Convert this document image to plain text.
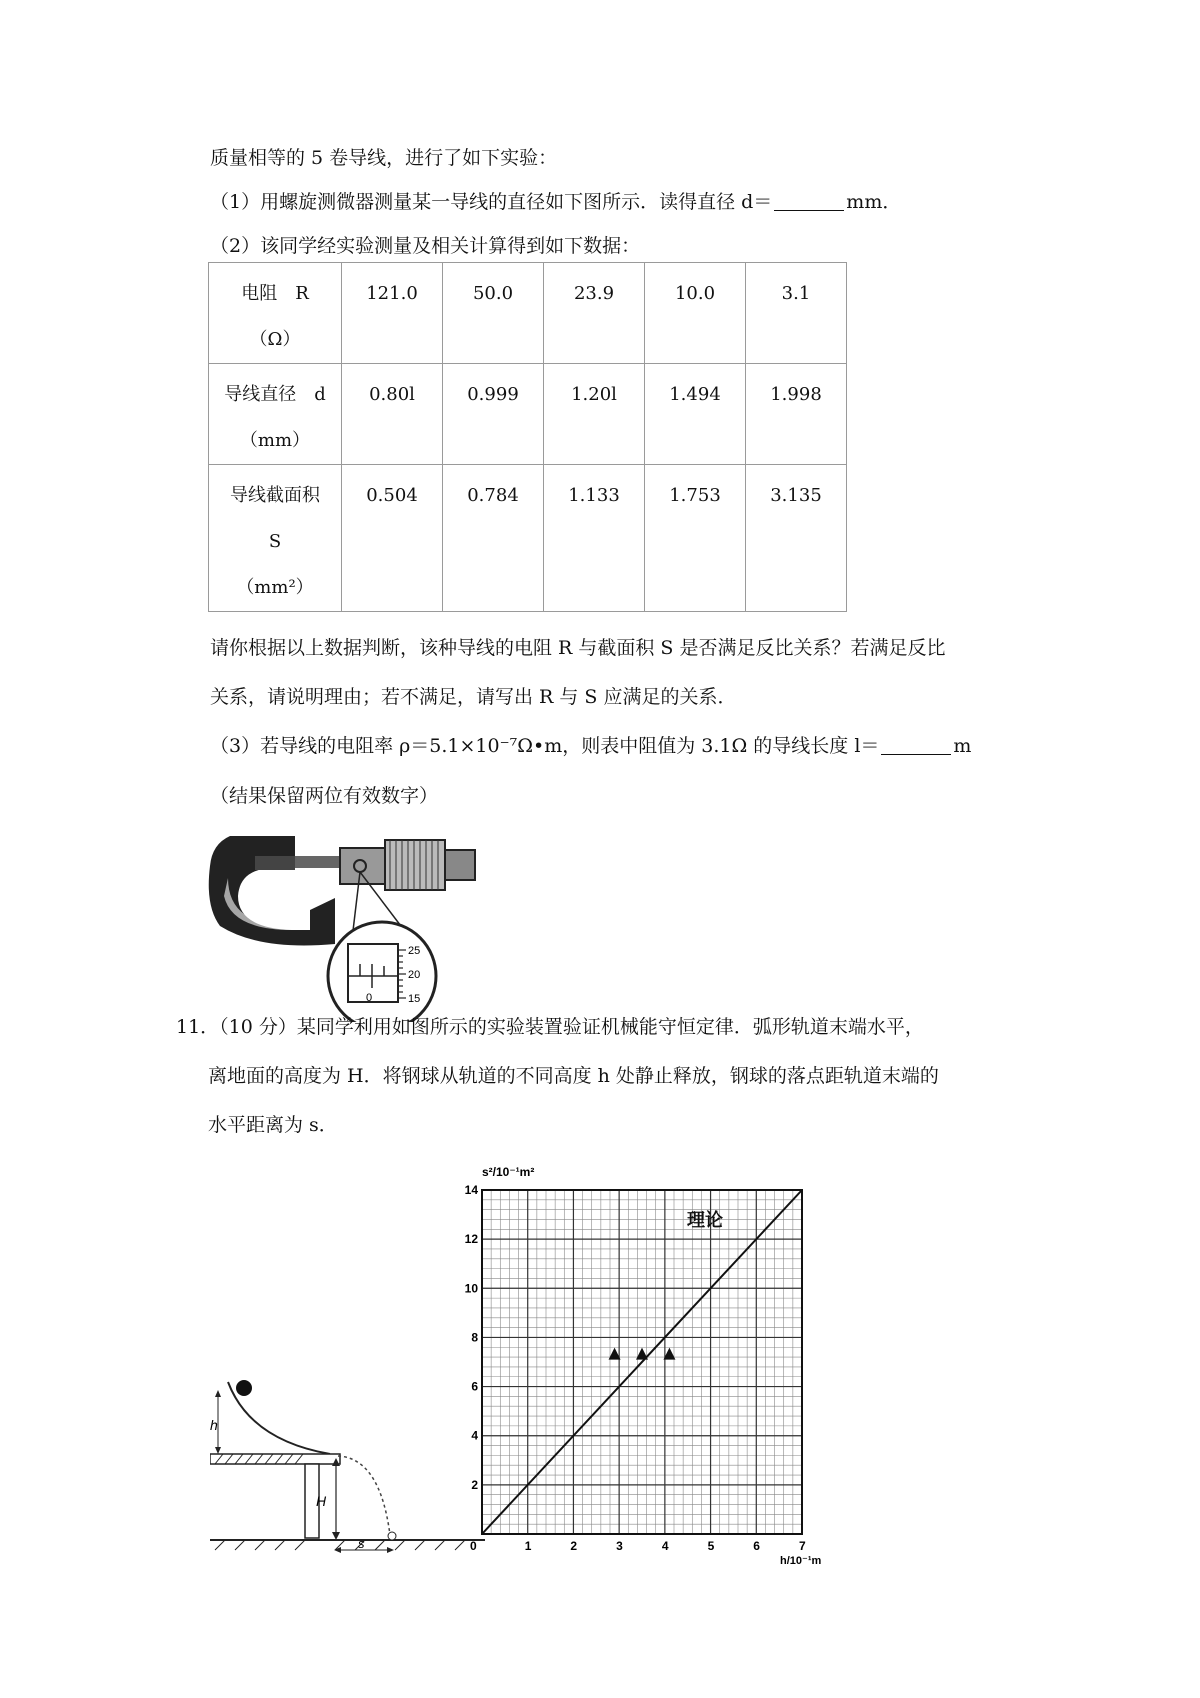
质量相等的 5 卷导线，进行了如下实验：
（1）用螺旋测微器测量某一导线的直径如下图所示．读得直径 d＝	mm．
（2）该同学经实验测量及相关计算得到如下数据：
电阻　R
（Ω）	121.0	50.0	23.9	10.0	3.1

导线直径　d
（mm）	0.80l	0.999	1.20l	1.494	1.998

导线截面积
S
（mm²）	0.504	0.784	1.133	1.753	3.135
请你根据以上数据判断，该种导线的电阻 R 与截面积 S 是否满足反比关系？若满足反比
关系，请说明理由；若不满足，请写出 R 与 S 应满足的关系．
（3）若导线的电阻率 ρ＝5.1×10⁻⁷Ω•m，则表中阻值为 3.1Ω 的导线长度 l＝	m
（结果保留两位有效数字）
25
20
15
0
11．（10 分）某同学利用如图所示的实验装置验证机械能守恒定律．弧形轨道末端水平，
离地面的高度为 H．将钢球从轨道的不同高度 h 处静止释放，钢球的落点距轨道末端的
水平距离为 s．
H
h
s	0	1	2	3	4	5	6	7
2
4
6
8
10
12
14
理论
s²/10⁻¹m²
h/10⁻¹m
